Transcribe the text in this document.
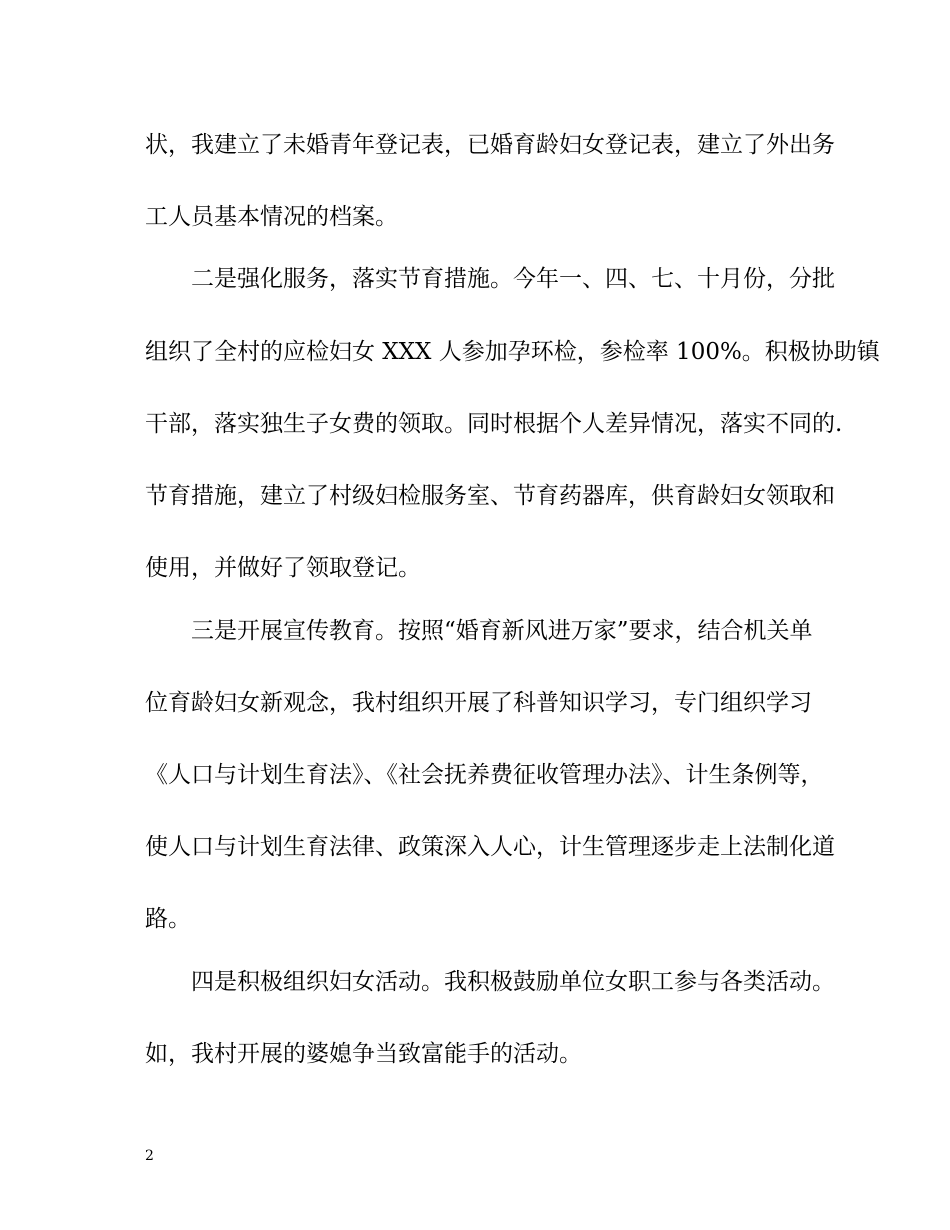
状，我建立了未婚青年登记表，已婚育龄妇女登记表，建立了外出务
工人员基本情况的档案。
二是强化服务，落实节育措施。今年一、四、七、十月份，分批
组织了全村的应检妇女 XXX 人参加孕环检，参检率 100%。积极协助镇
干部，落实独生子女费的领取。同时根据个人差异情况，落实不同的.
节育措施，建立了村级妇检服务室、节育药器库，供育龄妇女领取和
使用，并做好了领取登记。
三是开展宣传教育。按照“婚育新风进万家”要求，结合机关单
位育龄妇女新观念，我村组织开展了科普知识学习，专门组织学习
《人口与计划生育法》、《社会抚养费征收管理办法》、计生条例等，
使人口与计划生育法律、政策深入人心，计生管理逐步走上法制化道
路。
四是积极组织妇女活动。我积极鼓励单位女职工参与各类活动。
如，我村开展的婆媳争当致富能手的活动。
2
